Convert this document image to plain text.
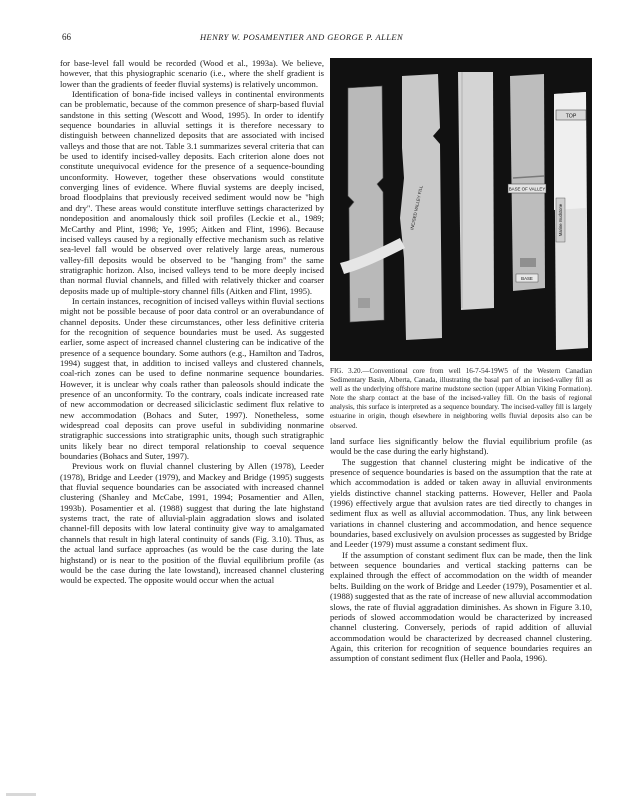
66	HENRY W. POSAMENTIER AND GEORGE P. ALLEN

for base-level fall would be recorded (Wood et al., 1993a). We believe, however, that this physiographic scenario (i.e., where the shelf gradient is lower than the gradients of feeder fluvial systems) is relatively uncommon.

Identification of bona-fide incised valleys in continental environments can be problematic, because of the common presence of sharp-based fluvial sandstone in this setting (Wescott and Wood, 1995). In order to identify sequence boundaries in alluvial settings it is therefore necessary to distinguish between channelized deposits that are associated with incised valleys and those that are not. Table 3.1 summarizes several criteria that can be used to identify incised-valley deposits. Each criterion alone does not constitute unequivocal evidence for the presence of a sequence-bounding unconformity. However, together these observations would constitute converging lines of evidence. Where fluvial systems are deeply incised, broad floodplains that previously received sediment would now be "high and dry". These areas would constitute interfluve settings characterized by nondeposition and anomalously thick soil profiles (Leckie et al., 1989; McCarthy and Plint, 1998; Ye, 1995; Aitken and Flint, 1996). Because incised valleys caused by a regionally effective mechanism such as relative sea-level fall would be observed over relatively large areas, numerous valley-fill deposits would be observed to be "hanging from" the same stratigraphic horizon. Also, incised valleys tend to be more deeply incised than normal fluvial channels, and filled with relatively thicker and coarser deposits made up of multiple-story channel fills (Aitken and Flint, 1995).

In certain instances, recognition of incised valleys within fluvial sections might not be possible because of poor data control or an overabundance of channel deposits. Under these circumstances, other less definitive criteria for the recognition of sequence boundaries must be used. As suggested earlier, some aspect of increased channel clustering can be indicative of the presence of a sequence boundary. Some authors (e.g., Hamilton and Tadros, 1994) suggest that, in addition to incised valleys and clustered channels, coal-rich zones can be used to define nonmarine sequence boundaries. However, it is unclear why coals rather than paleosols should indicate the presence of an unconformity. To the contrary, coals indicate increased rate of new accommodation or decreased siliciclastic sediment flux relative to new accommodation (Bohacs and Suter, 1997). Nonetheless, some widespread coal deposits can prove useful in subdividing nonmarine stratigraphic successions into stratigraphic units, though such stratigraphic units likely bear no direct temporal relationship to coeval sequence boundaries (Bohacs and Suter, 1997).

Previous work on fluvial channel clustering by Allen (1978), Leeder (1978), Bridge and Leeder (1979), and Mackey and Bridge (1995) suggests that fluvial sequence boundaries can be associated with increased channel clustering (Shanley and McCabe, 1991, 1994; Posamentier and Allen, 1993b). Posamentier et al. (1988) suggest that during the late highstand systems tract, the rate of alluvial-plain aggradation slows and isolated channel-fill deposits with low lateral continuity give way to amalgamated channels that result in high lateral continuity of sands (Fig. 3.10). Thus, as the actual land surface approaches (as would be the case during the late highstand) or is near to the position of the fluvial equilibrium profile (as would be the case during the late lowstand), increased channel clustering would be expected. The opposite would occur when the actual

TOP
BASE OF VALLEY
INCISED VALLEY FILL	Marine mudstone
BASE
FIG. 3.20.—Conventional core from well 16-7-54-19W5 of the Western Canadian Sedimentary Basin, Alberta, Canada, illustrating the basal part of an incised-valley fill as well as the underlying offshore marine mudstone section (upper Albian Viking Formation). Note the sharp contact at the base of the incised-valley fill. On the basis of regional analysis, this surface is interpreted as a sequence boundary. The incised-valley fill is largely estuarine in origin, though elsewhere in neighboring wells fluvial deposits also can be observed.

land surface lies significantly below the fluvial equilibrium profile (as would be the case during the early highstand).

The suggestion that channel clustering might be indicative of the presence of sequence boundaries is based on the assumption that the rate at which accommodation is added or taken away in alluvial environments yields distinctive channel stacking patterns. However, Heller and Paola (1996) effectively argue that avulsion rates are tied directly to changes in sediment flux as well as alluvial accommodation. Thus, any link between variations in channel clustering and accommodation, and hence sequence boundaries, based exclusively on avulsion processes as suggested by Bridge and Leeder (1979) must assume a constant sediment flux.

If the assumption of constant sediment flux can be made, then the link between sequence boundaries and vertical stacking patterns can be explained through the effect of accommodation on the width of meander belts. Building on the work of Bridge and Leeder (1979), Posamentier et al. (1988) suggested that as the rate of increase of new alluvial accommodation slows, the rate of fluvial aggradation diminishes. As shown in Figure 3.10, periods of slowed accommodation would be characterized by increased channel clustering. Conversely, periods of rapid addition of alluvial accommodation would be characterized by decreased channel clustering. Again, this criterion for recognition of sequence boundaries requires an assumption of constant sediment flux (Heller and Paola, 1996).
